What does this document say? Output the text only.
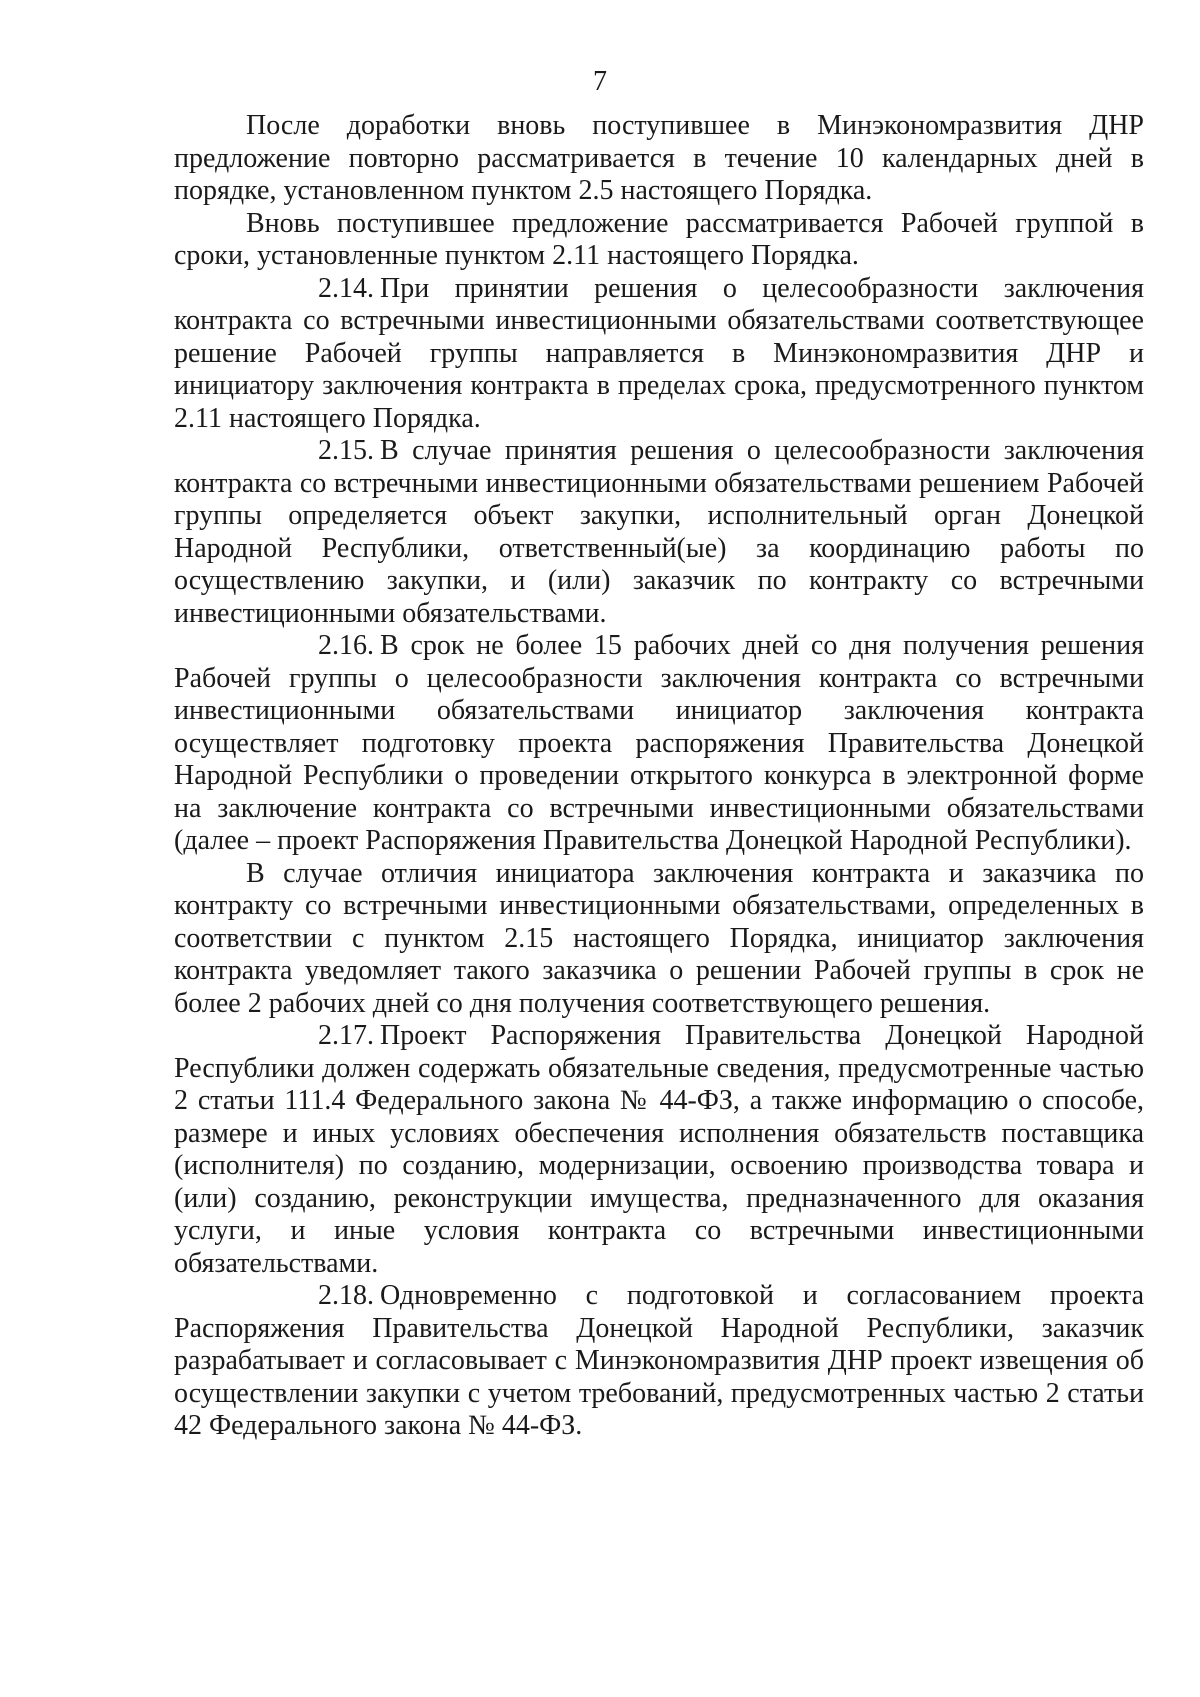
7

После доработки вновь поступившее в Минэкономразвития ДНР предложение повторно рассматривается в течение 10 календарных дней в порядке, установленном пунктом 2.5 настоящего Порядка.

Вновь поступившее предложение рассматривается Рабочей группой в сроки, установленные пунктом 2.11 настоящего Порядка.

2.14. При принятии решения о целесообразности заключения контракта со встречными инвестиционными обязательствами соответствующее решение Рабочей группы направляется в Минэкономразвития ДНР и инициатору заключения контракта в пределах срока, предусмотренного пунктом 2.11 настоящего Порядка.

2.15. В случае принятия решения о целесообразности заключения контракта со встречными инвестиционными обязательствами решением Рабочей группы определяется объект закупки, исполнительный орган Донецкой Народной Республики, ответственный(ые) за координацию работы по осуществлению закупки, и (или) заказчик по контракту со встречными инвестиционными обязательствами.

2.16. В срок не более 15 рабочих дней со дня получения решения Рабочей группы о целесообразности заключения контракта со встречными инвестиционными обязательствами инициатор заключения контракта осуществляет подготовку проекта распоряжения Правительства Донецкой Народной Республики о проведении открытого конкурса в электронной форме на заключение контракта со встречными инвестиционными обязательствами (далее – проект Распоряжения Правительства Донецкой Народной Республики).

В случае отличия инициатора заключения контракта и заказчика по контракту со встречными инвестиционными обязательствами, определенных в соответствии с пунктом 2.15 настоящего Порядка, инициатор заключения контракта уведомляет такого заказчика о решении Рабочей группы в срок не более 2 рабочих дней со дня получения соответствующего решения.

2.17. Проект Распоряжения Правительства Донецкой Народной Республики должен содержать обязательные сведения, предусмотренные частью 2 статьи 111.4 Федерального закона № 44-ФЗ, а также информацию о способе, размере и иных условиях обеспечения исполнения обязательств поставщика (исполнителя) по созданию, модернизации, освоению производства товара и (или) созданию, реконструкции имущества, предназначенного для оказания услуги, и иные условия контракта со встречными инвестиционными обязательствами.

2.18. Одновременно с подготовкой и согласованием проекта Распоряжения Правительства Донецкой Народной Республики, заказчик разрабатывает и согласовывает с Минэкономразвития ДНР проект извещения об осуществлении закупки с учетом требований, предусмотренных частью 2 статьи 42 Федерального закона № 44-ФЗ.
